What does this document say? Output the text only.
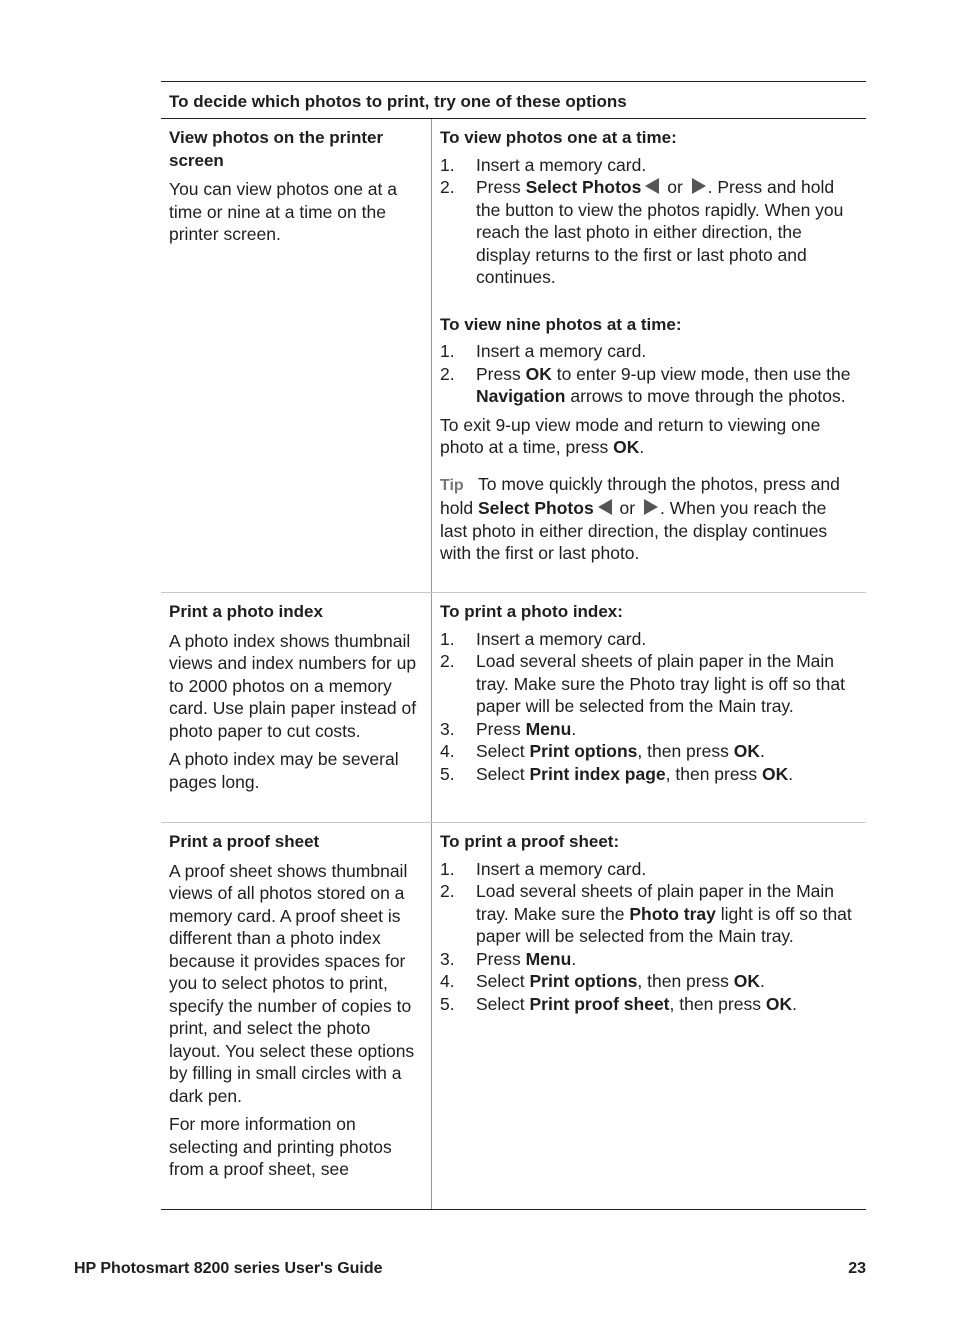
To decide which photos to print, try one of these options
View photos on the printer screen
You can view photos one at a time or nine at a time on the printer screen.
To view photos one at a time:
1.	Insert a memory card.
2.	Press Select Photos or . Press and hold the button to view the photos rapidly. When you reach the last photo in either direction, the display returns to the first or last photo and continues.
To view nine photos at a time:
1.	Insert a memory card.
2.	Press OK to enter 9-up view mode, then use the Navigation arrows to move through the photos.
To exit 9-up view mode and return to viewing one photo at a time, press OK.
Tip To move quickly through the photos, press and hold Select Photos or . When you reach the last photo in either direction, the display continues with the first or last photo.
Print a photo index
A photo index shows thumbnail views and index numbers for up to 2000 photos on a memory card. Use plain paper instead of photo paper to cut costs.
A photo index may be several pages long.
To print a photo index:
1.	Insert a memory card.
2.	Load several sheets of plain paper in the Main tray. Make sure the Photo tray light is off so that paper will be selected from the Main tray.
3.	Press Menu.
4.	Select Print options, then press OK.
5.	Select Print index page, then press OK.
Print a proof sheet
A proof sheet shows thumbnail views of all photos stored on a memory card. A proof sheet is different than a photo index because it provides spaces for you to select photos to print, specify the number of copies to print, and select the photo layout. You select these options by filling in small circles with a dark pen.
For more information on selecting and printing photos from a proof sheet, see
To print a proof sheet:
1.	Insert a memory card.
2.	Load several sheets of plain paper in the Main tray. Make sure the Photo tray light is off so that paper will be selected from the Main tray.
3.	Press Menu.
4.	Select Print options, then press OK.
5.	Select Print proof sheet, then press OK.
HP Photosmart 8200 series User's Guide	23
